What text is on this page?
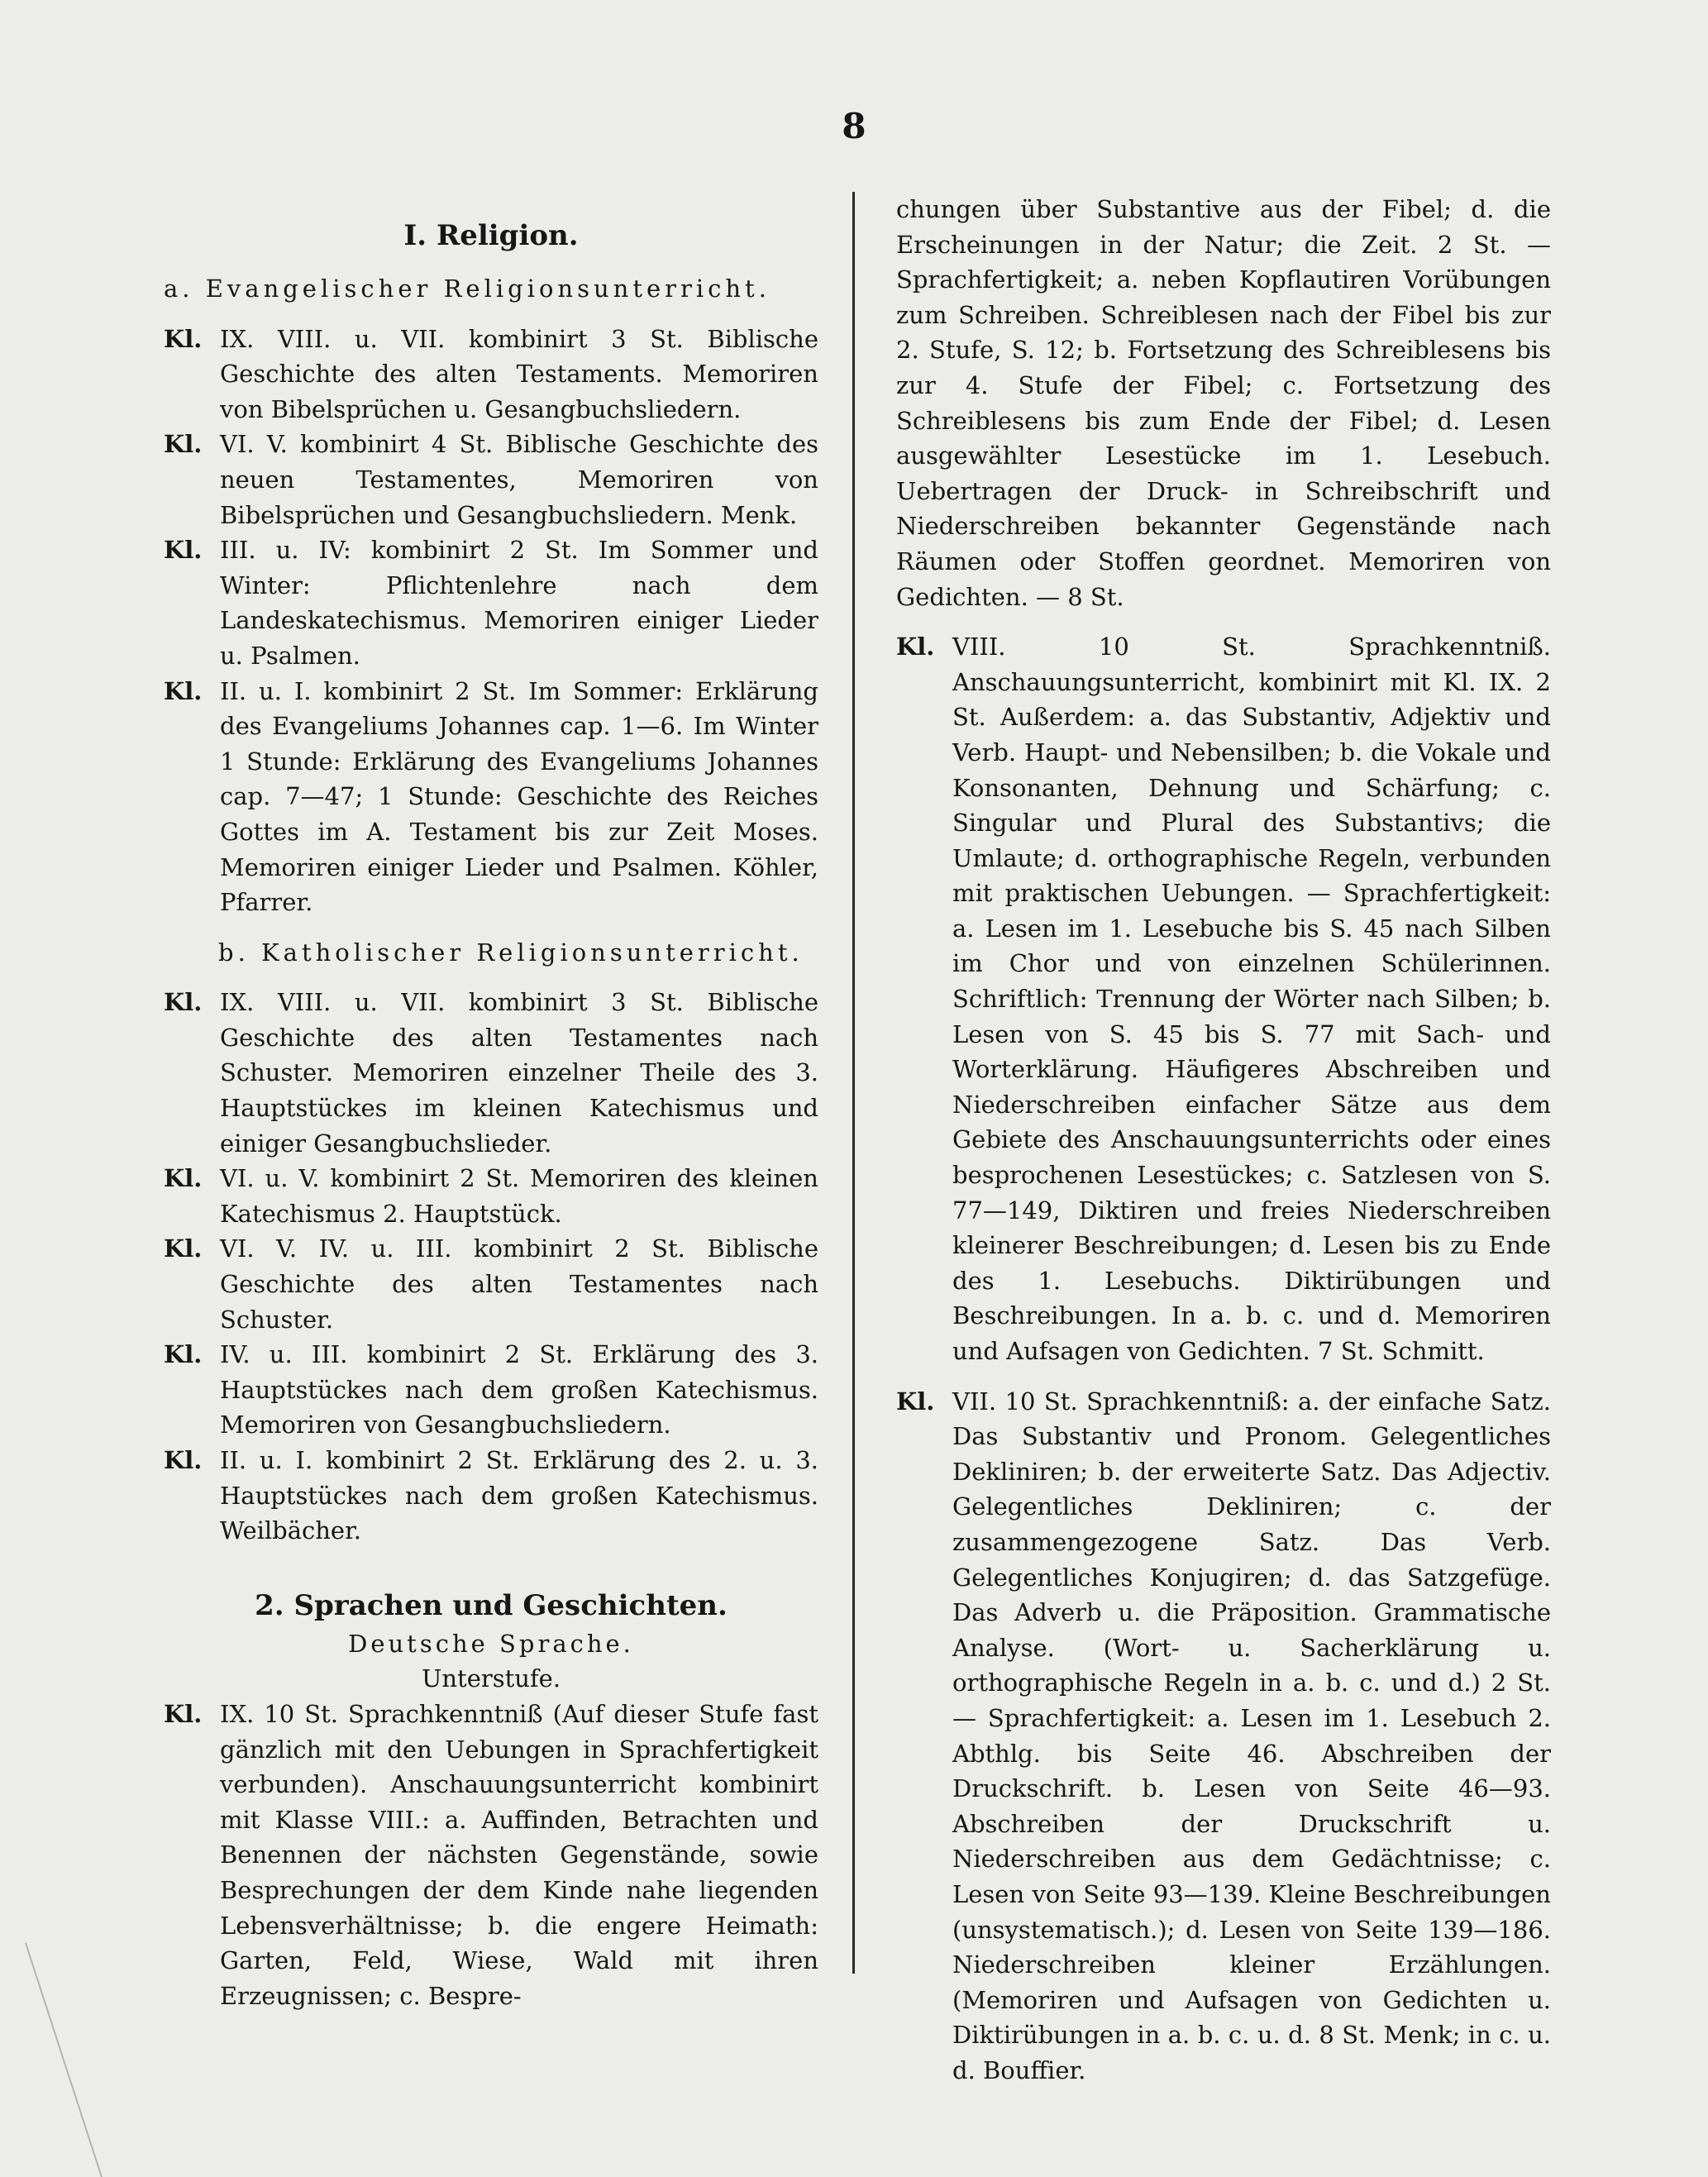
8
I. Religion.
a. Evangelischer Religionsunterricht.
Kl. IX. VIII. u. VII. kombinirt 3 St. Biblische Geschichte des alten Testaments. Memoriren von Bibelsprüchen u. Gesangbuchsliedern.
Kl. VI. V. kombinirt 4 St. Biblische Geschichte des neuen Testamentes, Memoriren von Bibelsprüchen und Gesangbuchsliedern. Menk.
Kl. III. u. IV: kombinirt 2 St. Im Sommer und Winter: Pflichtenlehre nach dem Landeskatechismus. Memoriren einiger Lieder u. Psalmen.
Kl. II. u. I. kombinirt 2 St. Im Sommer: Erklärung des Evangeliums Johannes cap. 1—6. Im Winter 1 Stunde: Erklärung des Evangeliums Johannes cap. 7—47; 1 Stunde: Geschichte des Reiches Gottes im A. Testament bis zur Zeit Moses. Memoriren einiger Lieder und Psalmen. Köhler, Pfarrer.
b. Katholischer Religionsunterricht.
Kl. IX. VIII. u. VII. kombinirt 3 St. Biblische Geschichte des alten Testamentes nach Schuster. Memoriren einzelner Theile des 3. Hauptstückes im kleinen Katechismus und einiger Gesangbuchslieder.
Kl. VI. u. V. kombinirt 2 St. Memoriren des kleinen Katechismus 2. Hauptstück.
Kl. VI. V. IV. u. III. kombinirt 2 St. Biblische Geschichte des alten Testamentes nach Schuster.
Kl. IV. u. III. kombinirt 2 St. Erklärung des 3. Hauptstückes nach dem großen Katechismus. Memoriren von Gesangbuchsliedern.
Kl. II. u. I. kombinirt 2 St. Erklärung des 2. u. 3. Hauptstückes nach dem großen Katechismus. Weilbächer.
2. Sprachen und Geschichten.
Deutsche Sprache.
Unterstufe.
Kl. IX. 10 St. Sprachkenntniß (Auf dieser Stufe fast gänzlich mit den Uebungen in Sprachfertigkeit verbunden). Anschauungsunterricht kombinirt mit Klasse VIII.: a. Auffinden, Betrachten und Benennen der nächsten Gegenstände, sowie Besprechungen der dem Kinde nahe liegenden Lebensverhältnisse; b. die engere Heimath: Garten, Feld, Wiese, Wald mit ihren Erzeugnissen; c. Bespre-

chungen über Substantive aus der Fibel; d. die Erscheinungen in der Natur; die Zeit. 2 St. — Sprachfertigkeit; a. neben Kopflautiren Vorübungen zum Schreiben. Schreiblesen nach der Fibel bis zur 2. Stufe, S. 12; b. Fortsetzung des Schreiblesens bis zur 4. Stufe der Fibel; c. Fortsetzung des Schreiblesens bis zum Ende der Fibel; d. Lesen ausgewählter Lesestücke im 1. Lesebuch. Uebertragen der Druck- in Schreibschrift und Niederschreiben bekannter Gegenstände nach Räumen oder Stoffen geordnet. Memoriren von Gedichten. — 8 St.

Kl. VIII. 10 St. Sprachkenntniß. Anschauungsunterricht, kombinirt mit Kl. IX. 2 St. Außerdem: a. das Substantiv, Adjektiv und Verb. Haupt- und Nebensilben; b. die Vokale und Konsonanten, Dehnung und Schärfung; c. Singular und Plural des Substantivs; die Umlaute; d. orthographische Regeln, verbunden mit praktischen Uebungen. — Sprachfertigkeit: a. Lesen im 1. Lesebuche bis S. 45 nach Silben im Chor und von einzelnen Schülerinnen. Schriftlich: Trennung der Wörter nach Silben; b. Lesen von S. 45 bis S. 77 mit Sach- und Worterklärung. Häufigeres Abschreiben und Niederschreiben einfacher Sätze aus dem Gebiete des Anschauungsunterrichts oder eines besprochenen Lesestückes; c. Satzlesen von S. 77—149, Diktiren und freies Niederschreiben kleinerer Beschreibungen; d. Lesen bis zu Ende des 1. Lesebuchs. Diktirübungen und Beschreibungen. In a. b. c. und d. Memoriren und Aufsagen von Gedichten. 7 St. Schmitt.
Kl. VII. 10 St. Sprachkenntniß: a. der einfache Satz. Das Substantiv und Pronom. Gelegentliches Dekliniren; b. der erweiterte Satz. Das Adjectiv. Gelegentliches Dekliniren; c. der zusammengezogene Satz. Das Verb. Gelegentliches Konjugiren; d. das Satzgefüge. Das Adverb u. die Präposition. Grammatische Analyse. (Wort- u. Sacherklärung u. orthographische Regeln in a. b. c. und d.) 2 St. — Sprachfertigkeit: a. Lesen im 1. Lesebuch 2. Abthlg. bis Seite 46. Abschreiben der Druckschrift. b. Lesen von Seite 46—93. Abschreiben der Druckschrift u. Niederschreiben aus dem Gedächtnisse; c. Lesen von Seite 93—139. Kleine Beschreibungen (unsystematisch.); d. Lesen von Seite 139—186. Niederschreiben kleiner Erzählungen. (Memoriren und Aufsagen von Gedichten u. Diktirübungen in a. b. c. u. d. 8 St. Menk; in c. u. d. Bouffier.
